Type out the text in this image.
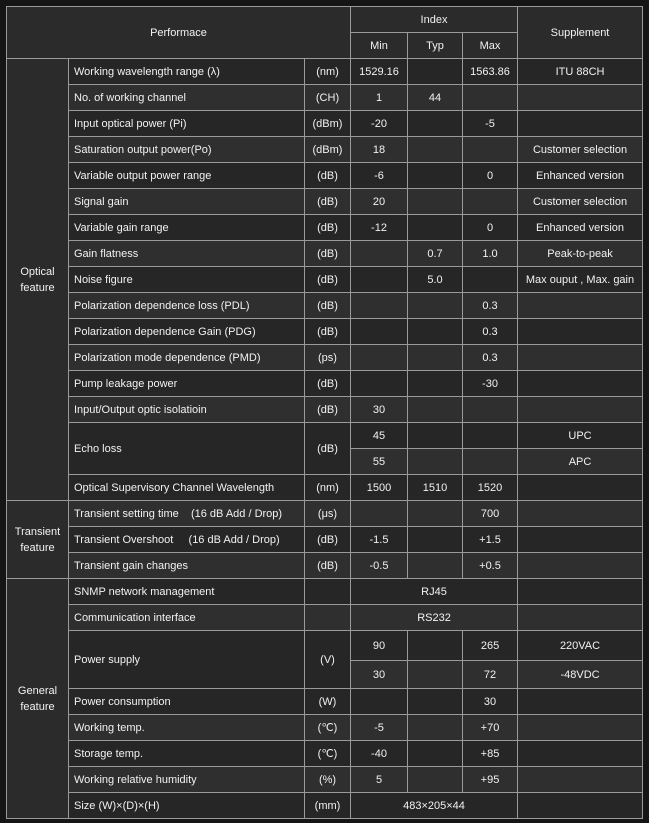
Performace			Index			Supplement
			Min	Typ	Max	
Optical
feature	Working wavelength range (λ)	(nm)	1529.16		1563.86	ITU 88CH
	No. of working channel	(CH)	1	44		
	Input optical power (Pi)	(dBm)	-20		-5	
	Saturation output power(Po)	(dBm)	18			Customer selection
	Variable output power range	(dB)	-6		0	Enhanced version
	Signal gain	(dB)	20			Customer selection
	Variable gain range	(dB)	-12		0	Enhanced version
	Gain flatness	(dB)		0.7	1.0	Peak-to-peak
	Noise figure	(dB)		5.0		Max ouput , Max. gain
	Polarization dependence loss (PDL)	(dB)			0.3	
	Polarization dependence Gain (PDG)	(dB)			0.3	
	Polarization mode dependence (PMD)	(ps)			0.3	
	Pump leakage power	(dB)			-30	
	Input/Output optic isolatioin	(dB)	30			
	Echo loss	(dB)	45			UPC
			55			APC
	Optical Supervisory Channel Wavelength	(nm)	1500	1510	1520	
Transient
feature	Transient setting time    (16 dB Add / Drop)	(μs)			700	
	Transient Overshoot     (16 dB Add / Drop)	(dB)	-1.5		+1.5	
	Transient gain changes	(dB)	-0.5		+0.5	
General
feature	SNMP network management		RJ45			
	Communication interface		RS232			
	Power supply	(V)	90		265	220VAC
			30		72	-48VDC
	Power consumption	(W)			30	
	Working temp.	(℃)	-5		+70	
	Storage temp.	(℃)	-40		+85	
	Working relative humidity	(%)	5		+95	
	Size (W)×(D)×(H)	(mm)	483×205×44			
